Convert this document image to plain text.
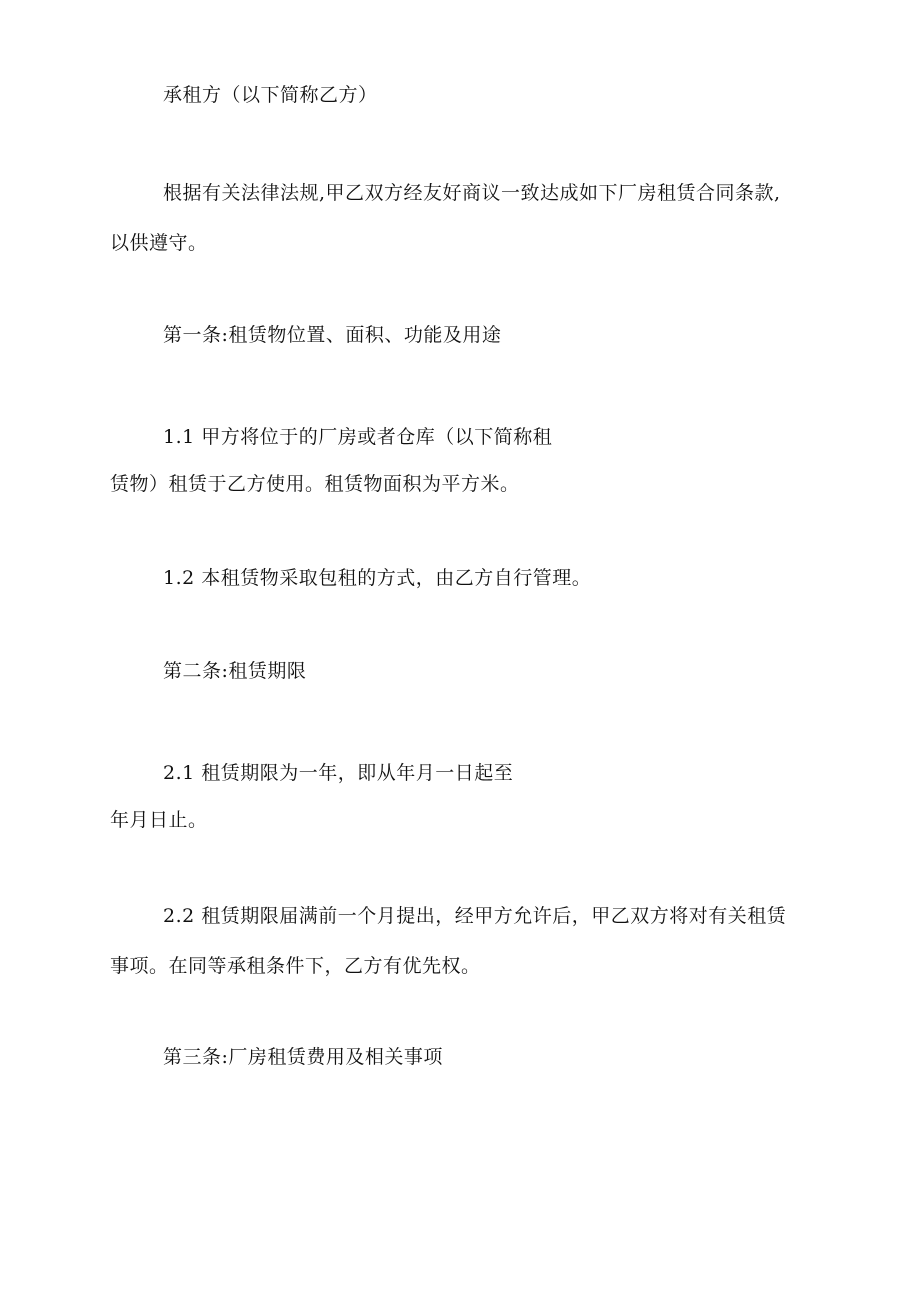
承租方（以下简称乙方）
根据有关法律法规,甲乙双方经友好商议一致达成如下厂房租赁合同条款,
以供遵守。
第一条:租赁物位置、面积、功能及用途
1.1 甲方将位于的厂房或者仓库（以下简称租
赁物）租赁于乙方使用。租赁物面积为平方米。
1.2 本租赁物采取包租的方式，由乙方自行管理。
第二条:租赁期限
2.1 租赁期限为一年，即从年月一日起至
年月日止。
2.2 租赁期限届满前一个月提出，经甲方允许后，甲乙双方将对有关租赁
事项。在同等承租条件下，乙方有优先权。
第三条:厂房租赁费用及相关事项
